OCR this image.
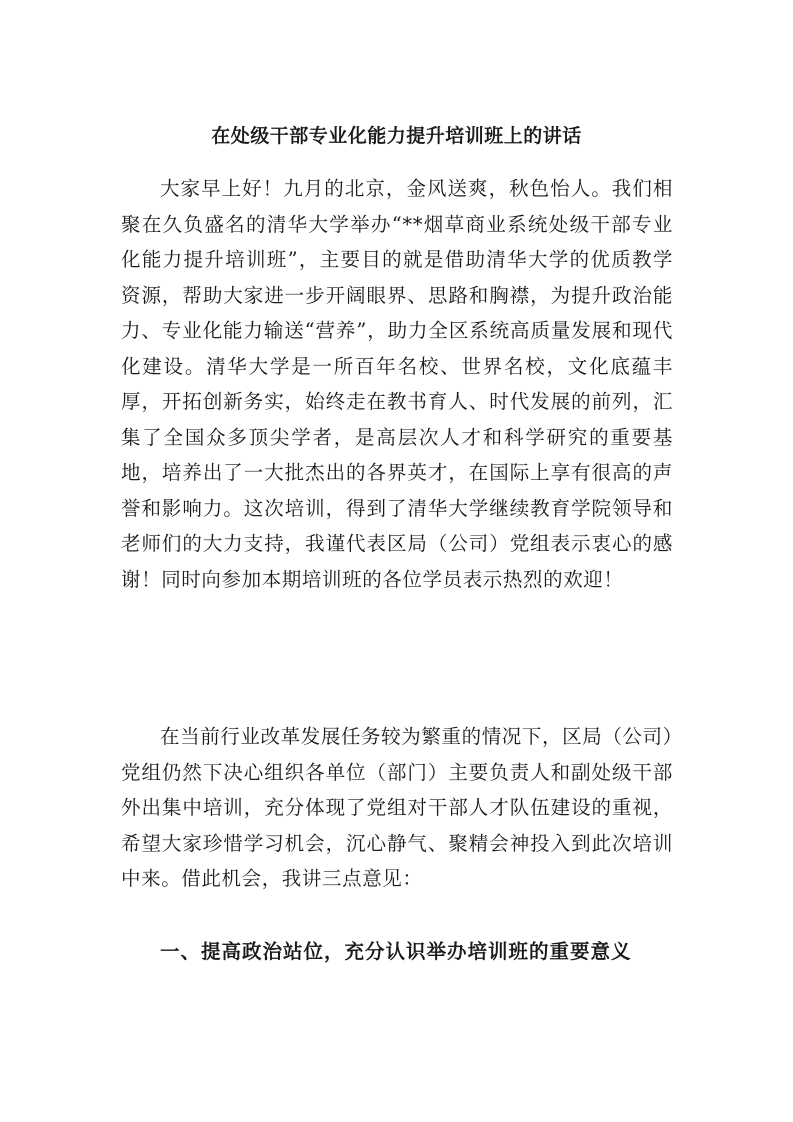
在处级干部专业化能力提升培训班上的讲话

大家早上好！九月的北京，金风送爽，秋色怡人。我们相聚在久负盛名的清华大学举办“**烟草商业系统处级干部专业化能力提升培训班”，主要目的就是借助清华大学的优质教学资源，帮助大家进一步开阔眼界、思路和胸襟，为提升政治能力、专业化能力输送“营养”，助力全区系统高质量发展和现代化建设。清华大学是一所百年名校、世界名校，文化底蕴丰厚，开拓创新务实，始终走在教书育人、时代发展的前列，汇集了全国众多顶尖学者，是高层次人才和科学研究的重要基地，培养出了一大批杰出的各界英才，在国际上享有很高的声誉和影响力。这次培训，得到了清华大学继续教育学院领导和老师们的大力支持，我谨代表区局（公司）党组表示衷心的感谢！同时向参加本期培训班的各位学员表示热烈的欢迎！

在当前行业改革发展任务较为繁重的情况下，区局（公司）党组仍然下决心组织各单位（部门）主要负责人和副处级干部外出集中培训，充分体现了党组对干部人才队伍建设的重视，希望大家珍惜学习机会，沉心静气、聚精会神投入到此次培训中来。借此机会，我讲三点意见：

一、提高政治站位，充分认识举办培训班的重要意义
